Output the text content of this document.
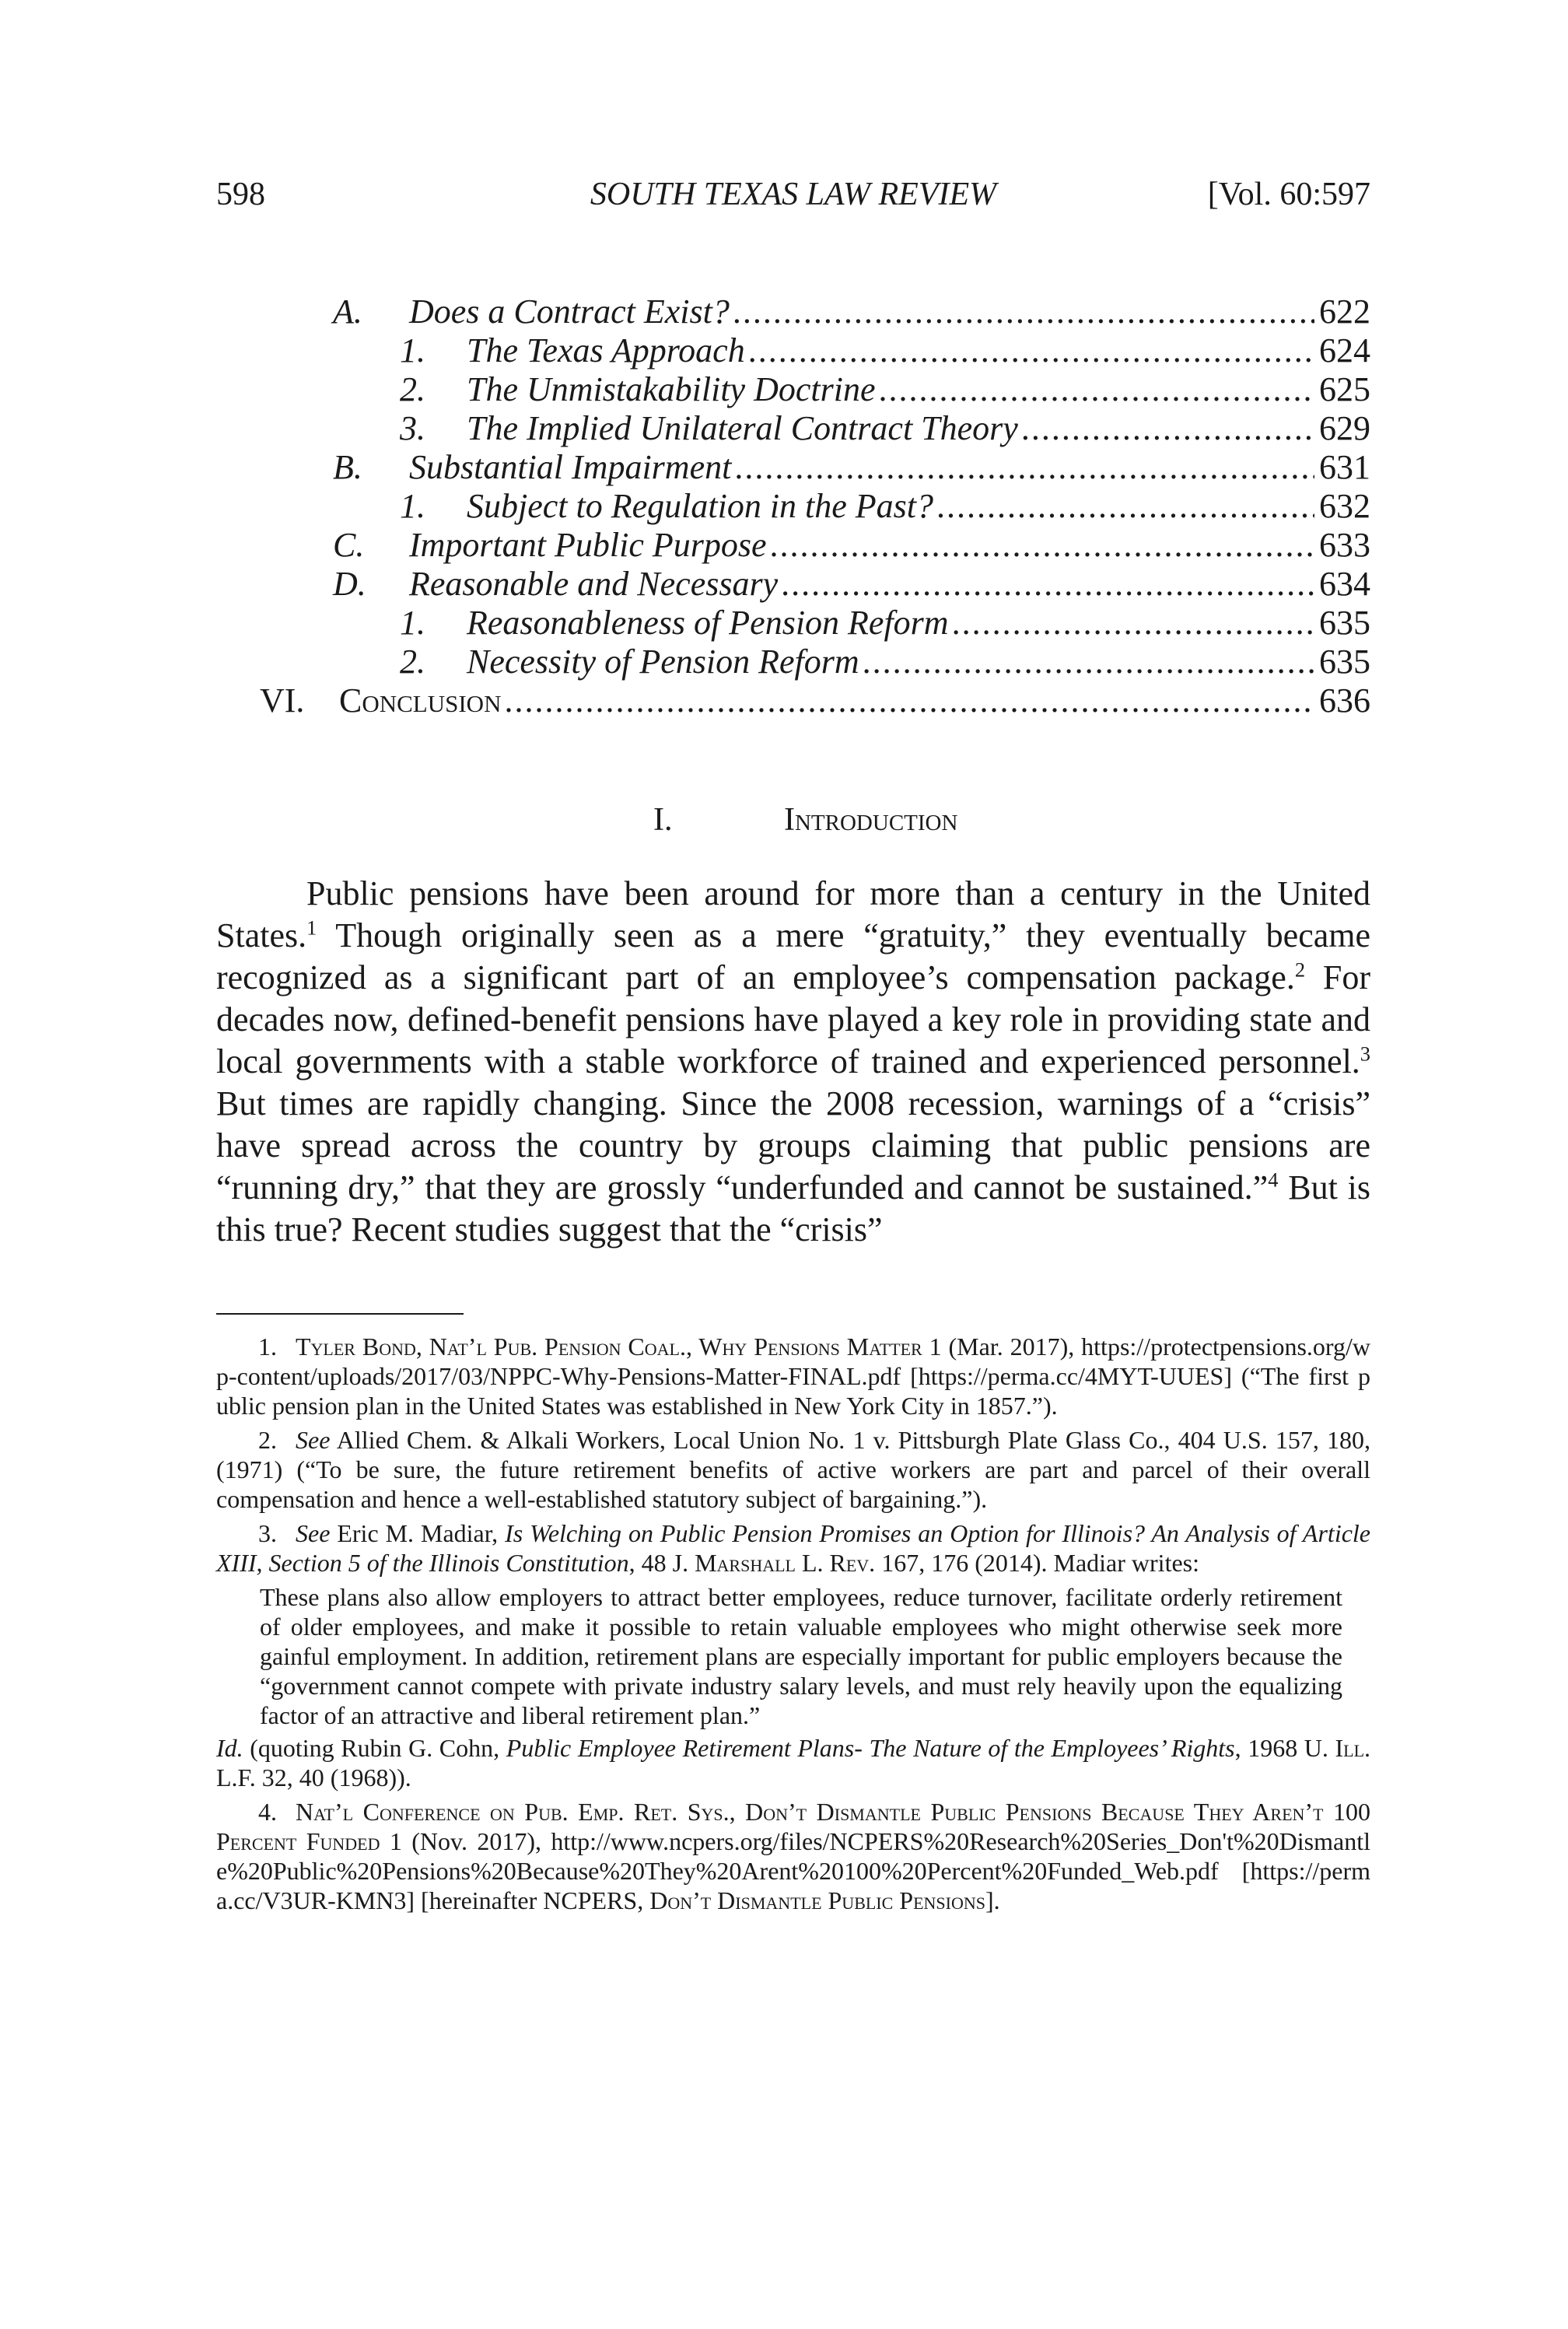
598	SOUTH TEXAS LAW REVIEW	[Vol. 60:597
A. Does a Contract Exist? .....	622
1.	The Texas Approach .....	624
2.	The Unmistakability Doctrine .....	625
3.	The Implied Unilateral Contract Theory .....	629
B. Substantial Impairment .....	631
1.	Subject to Regulation in the Past? .....	632
C. Important Public Purpose .....	633
D. Reasonable and Necessary .....	634
1.	Reasonableness of Pension Reform .....	635
2.	Necessity of Pension Reform .....	635
VI.	Conclusion .....	636
I.	Introduction

Public pensions have been around for more than a century in the United States.$^1$ Though originally seen as a mere “gratuity,” they eventually became recognized as a significant part of an employee’s compensation package.$^2$ For decades now, defined-benefit pensions have played a key role in providing state and local governments with a stable workforce of trained and experienced personnel.$^3$ But times are rapidly changing. Since the 2008 recession, warnings of a “crisis” have spread across the country by groups claiming that public pensions are “running dry,” that they are grossly “underfunded and cannot be sustained.”$^4$ But is this true? Recent studies suggest that the “crisis”

1. Tyler Bond, Nat’l Pub. Pension Coal., Why Pensions Matter 1 (Mar. 2017), https://protectpensions.org/wp-content/uploads/2017/03/NPPC-Why-Pensions-Matter-FINAL.pdf [https://perma.cc/4MYT-UUES] (“The first public pension plan in the United States was established in New York City in 1857.”).

2. See Allied Chem. & Alkali Workers, Local Union No. 1 v. Pittsburgh Plate Glass Co., 404 U.S. 157, 180, (1971) (“To be sure, the future retirement benefits of active workers are part and parcel of their overall compensation and hence a well-established statutory subject of bargaining.”).

3. See Eric M. Madiar, Is Welching on Public Pension Promises an Option for Illinois? An Analysis of Article XIII, Section 5 of the Illinois Constitution, 48 J. Marshall L. Rev. 167, 176 (2014). Madiar writes:

These plans also allow employers to attract better employees, reduce turnover, facilitate orderly retirement of older employees, and make it possible to retain valuable employees who might otherwise seek more gainful employment. In addition, retirement plans are especially important for public employers because the “government cannot compete with private industry salary levels, and must rely heavily upon the equalizing factor of an attractive and liberal retirement plan.”

Id. (quoting Rubin G. Cohn, Public Employee Retirement Plans- The Nature of the Employees’ Rights, 1968 U. Ill. L.F. 32, 40 (1968)).

4. Nat’l Conference on Pub. Emp. Ret. Sys., Don’t Dismantle Public Pensions Because They Aren’t 100 Percent Funded 1 (Nov. 2017), http://www.ncpers.org/files/NCPERS%20Research%20Series_Don't%20Dismantle%20Public%20Pensions%20Because%20They%20Arent%20100%20Percent%20Funded_Web.pdf [https://perma.cc/V3UR-KMN3] [hereinafter NCPERS, Don’t Dismantle Public Pensions].
